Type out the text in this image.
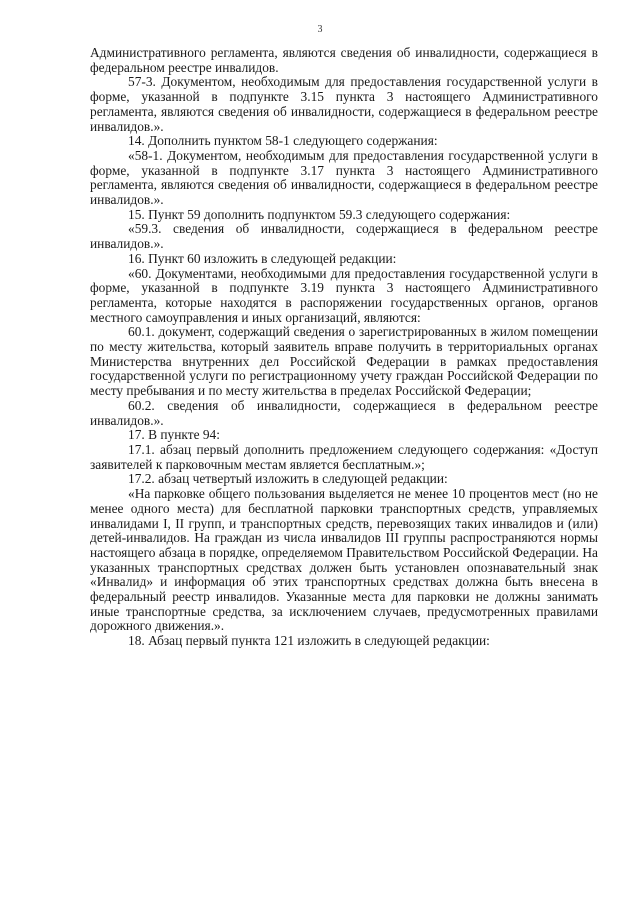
3

Административного регламента, являются сведения об инвалидности, содержащиеся в федеральном реестре инвалидов.

57-3. Документом, необходимым для предоставления государственной услуги в форме, указанной в подпункте 3.15 пункта 3 настоящего Административного регламента, являются сведения об инвалидности, содержащиеся в федеральном реестре инвалидов.».

14. Дополнить пунктом 58-1 следующего содержания:

«58-1. Документом, необходимым для предоставления государственной услуги в форме, указанной в подпункте 3.17 пункта 3 настоящего Административного регламента, являются сведения об инвалидности, содержащиеся в федеральном реестре инвалидов.».

15. Пункт 59 дополнить подпунктом 59.3 следующего содержания:

«59.3. сведения об инвалидности, содержащиеся в федеральном реестре инвалидов.».

16. Пункт 60 изложить в следующей редакции:

«60. Документами, необходимыми для предоставления государственной услуги в форме, указанной в подпункте 3.19 пункта 3 настоящего Административного регламента, которые находятся в распоряжении государственных органов, органов местного самоуправления и иных организаций, являются:

60.1. документ, содержащий сведения о зарегистрированных в жилом помещении по месту жительства, который заявитель вправе получить в территориальных органах Министерства внутренних дел Российской Федерации в рамках предоставления государственной услуги по регистрационному учету граждан Российской Федерации по месту пребывания и по месту жительства в пределах Российской Федерации;

60.2. сведения об инвалидности, содержащиеся в федеральном реестре инвалидов.».

17. В пункте 94:

17.1. абзац первый дополнить предложением следующего содержания: «Доступ заявителей к парковочным местам является бесплатным.»;

17.2. абзац четвертый изложить в следующей редакции:

«На парковке общего пользования выделяется не менее 10 процентов мест (но не менее одного места) для бесплатной парковки транспортных средств, управляемых инвалидами I, II групп, и транспортных средств, перевозящих таких инвалидов и (или) детей-инвалидов. На граждан из числа инвалидов III группы распространяются нормы настоящего абзаца в порядке, определяемом Правительством Российской Федерации. На указанных транспортных средствах должен быть установлен опознавательный знак «Инвалид» и информация об этих транспортных средствах должна быть внесена в федеральный реестр инвалидов. Указанные места для парковки не должны занимать иные транспортные средства, за исключением случаев, предусмотренных правилами дорожного движения.».

18. Абзац первый пункта 121 изложить в следующей редакции:
